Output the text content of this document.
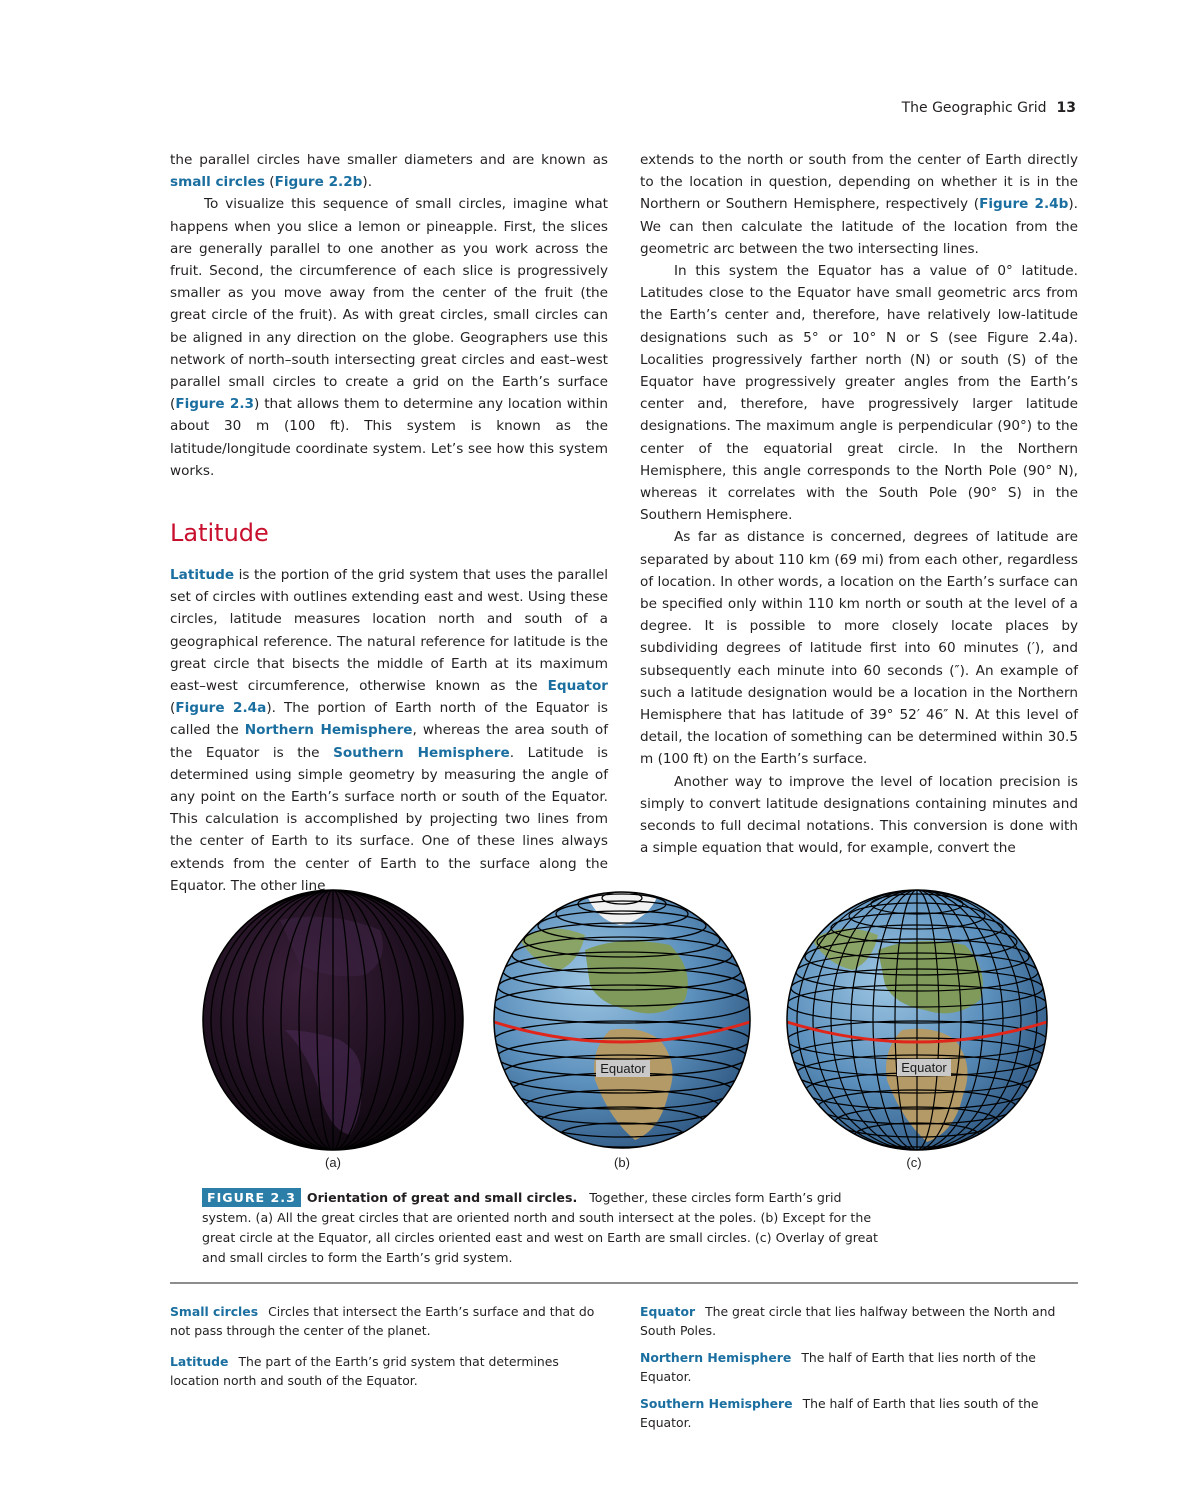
The Geographic Grid 13

the parallel circles have smaller diameters and are known as small circles (Figure 2.2b).

To visualize this sequence of small circles, imagine what happens when you slice a lemon or pineapple. First, the slices are generally parallel to one another as you work across the fruit. Second, the circumference of each slice is progressively smaller as you move away from the center of the fruit (the great circle of the fruit). As with great circles, small circles can be aligned in any direction on the globe. Geographers use this network of north–south intersecting great circles and east–west parallel small circles to create a grid on the Earth’s surface (Figure 2.3) that allows them to determine any location within about 30 m (100 ft). This system is known as the latitude/longitude coordinate system. Let’s see how this system works.

Latitude

Latitude is the portion of the grid system that uses the parallel set of circles with outlines extending east and west. Using these circles, latitude measures location north and south of a geographical reference. The natural reference for latitude is the great circle that bisects the middle of Earth at its maximum east–west circumference, otherwise known as the Equator (Figure 2.4a). The portion of Earth north of the Equator is called the Northern Hemisphere, whereas the area south of the Equator is the Southern Hemisphere. Latitude is determined using simple geometry by measuring the angle of any point on the Earth’s surface north or south of the Equator. This calculation is accomplished by projecting two lines from the center of Earth to its surface. One of these lines always extends from the center of Earth to the surface along the Equator. The other line

extends to the north or south from the center of Earth directly to the location in question, depending on whether it is in the Northern or Southern Hemisphere, respectively (Figure 2.4b). We can then calculate the latitude of the location from the geometric arc between the two intersecting lines.

In this system the Equator has a value of 0° latitude. Latitudes close to the Equator have small geometric arcs from the Earth’s center and, therefore, have relatively low-latitude designations such as 5° or 10° N or S (see Figure 2.4a). Localities progressively farther north (N) or south (S) of the Equator have progressively greater angles from the Earth’s center and, therefore, have progressively larger latitude designations. The maximum angle is perpendicular (90°) to the center of the equatorial great circle. In the Northern Hemisphere, this angle corresponds to the North Pole (90° N), whereas it correlates with the South Pole (90° S) in the Southern Hemisphere.

As far as distance is concerned, degrees of latitude are separated by about 110 km (69 mi) from each other, regardless of location. In other words, a location on the Earth’s surface can be specified only within 110 km north or south at the level of a degree. It is possible to more closely locate places by subdividing degrees of latitude first into 60 minutes (′), and subsequently each minute into 60 seconds (″). An example of such a latitude designation would be a location in the Northern Hemisphere that has latitude of 39° 52′ 46″ N. At this level of detail, the location of something can be determined within 30.5 m (100 ft) on the Earth’s surface.

Another way to improve the level of location precision is simply to convert latitude designations containing minutes and seconds to full decimal notations. This conversion is done with a simple equation that would, for example, convert the

Equator	Equator
(a)	(b)	(c)
FIGURE 2.3 Orientation of great and small circles. Together, these circles form Earth’s grid system. (a) All the great circles that are oriented north and south intersect at the poles. (b) Except for the great circle at the Equator, all circles oriented east and west on Earth are small circles. (c) Overlay of great and small circles to form the Earth’s grid system.
Small circles Circles that intersect the Earth’s surface and that do not pass through the center of the planet.
Latitude The part of the Earth’s grid system that determines location north and south of the Equator.
Equator The great circle that lies halfway between the North and South Poles.
Northern Hemisphere The half of Earth that lies north of the Equator.
Southern Hemisphere The half of Earth that lies south of the Equator.
